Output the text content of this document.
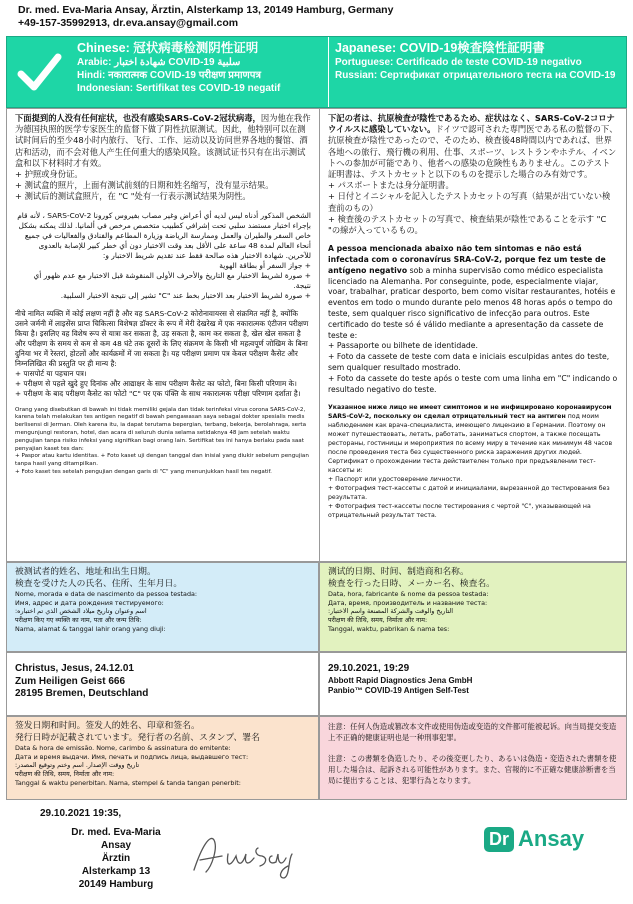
Dr. med. Eva-Maria Ansay, Ärztin, Alsterkamp 13, 20149 Hamburg, Germany
+49-157-35992913, dr.eva.ansay@gmail.com
Chinese: 冠状病毒检测阴性证明
Arabic: شهادة اختبار COVID-19 سلبية
Hindi: नकारात्मक COVID-19 परीक्षण प्रमाणपत्र
Indonesian: Sertifikat tes COVID-19 negatif
Japanese: COVID-19検査陰性証明書
Portuguese: Certificado de teste COVID-19 negativo
Russian: Сертификат отрицательного теста на COVID-19

下面提到的人没有任何症状，也没有感染SARS-CoV-2冠状病毒，因为他在我作为德国执照的医学专家医生的监督下做了阴性抗原测试。因此，他特别可以在测试时间后的至少48小时内旅行、飞行、工作、运动以及访问世界各地的餐馆、酒店和活动，而不会对他人产生任何重大的感染风险。该测试证书只有在出示测试盒和以下材料时才有效。

+ 护照或身份证。

+ 测试盒的照片，上面有测试前刻的日期和姓名缩写，没有显示结果。

+ 测试后的测试盒照片，在 "C "处有一行表示测试结果为阴性。

الشخص المذكور أدناه ليس لديه أي أعراض وغير مصاب بفيروس كورونا SARS-CoV-2 ، لأنه قام بإجراء اختبار مستضد سلبي تحت إشرافي كطبيب متخصص مرخص في ألمانيا. لذلك يمكنه بشكل خاص السفر والطيران والعمل وممارسة الرياضة وزيارة المطاعم والفنادق والفعاليات في جميع أنحاء العالم لمدة 48 ساعة على الأقل بعد وقت الاختبار دون أي خطر كبير للإصابة بالعدوى للآخرين. شهادة الاختبار هذه صالحة فقط عند تقديم شريط الاختبار و:

+ جواز السفر أو بطاقة الهوية

+ صورة لشريط الاختبار مع التاريخ والأحرف الأولى المنقوشة قبل الاختبار مع عدم ظهور أي نتيجة.

+ صورة لشريط الاختبار بعد الاختبار بخط عند "C" تشير إلى نتيجة الاختبار السلبية.

नीचे नामित व्यक्ति में कोई लक्षण नहीं है और वह SARS-CoV-2 कोरोनावायरस से संक्रमित नहीं है, क्योंकि उसने जर्मनी में लाइसेंस प्राप्त चिकित्सा विशेषज्ञ डॉक्टर के रूप में मेरी देखरेख में एक नकारात्मक एंटीजन परीक्षण किया है। इसलिए वह विशेष रूप से यात्रा कर सकता है, उड़ सकता है, काम कर सकता है, खेल खेल सकता है और परीक्षण के समय से कम से कम 48 घंटे तक दूसरों के लिए संक्रमण के किसी भी महत्वपूर्ण जोखिम के बिना दुनिया भर में रेस्तरां, होटलों और कार्यक्रमों में जा सकता है। यह परीक्षण प्रमाण पत्र केवल परीक्षण कैसेट और निम्नलिखित की प्रस्तुति पर ही मान्य है:

+ पासपोर्ट या पहचान पत्र।

+ परीक्षण से पहले खुदे हुए दिनांक और आद्याक्षर के साथ परीक्षण कैसेट का फोटो, बिना किसी परिणाम के।

+ परीक्षण के बाद परीक्षण कैसेट का फोटो "C" पर एक पंक्ति के साथ नकारात्मक परीक्षा परिणाम दर्शाता है।

Orang yang disebutkan di bawah ini tidak memiliki gejala dan tidak terinfeksi virus corona SARS-CoV-2, karena telah melakukan tes antigen negatif di bawah pengawasan saya sebagai dokter spesialis medis berlisensi di Jerman. Oleh karena itu, ia dapat terutama bepergian, terbang, bekerja, berolahraga, serta mengunjungi restoran, hotel, dan acara di seluruh dunia selama setidaknya 48 jam setelah waktu pengujian tanpa risiko infeksi yang signifikan bagi orang lain. Sertifikat tes ini hanya berlaku pada saat penyajian kaset tes dan:

+ Paspor atau kartu identitas. + Foto kaset uji dengan tanggal dan inisial yang diukir sebelum pengujian tanpa hasil yang ditampilkan.

+ Foto kaset tes setelah pengujian dengan garis di "C" yang menunjukkan hasil tes negatif.

下記の者は、抗原検査が陰性であるため、症状はなく、SARS-CoV-2コロナウイルスに感染していない。ドイツで認可された専門医である私の監督の下、抗原検査が陰性であったので、そのため、検査後48時間以内であれば、世界各地への旅行、飛行機の利用、仕事、スポーツ、レストランやホテル、イベントへの参加が可能であり、他者への感染の危険性もありません。このテスト証明書は、テストカセットと以下のものを提示した場合のみ有効です。

+ パスポートまたは身分証明書。

+ 日付とイニシャルを記入したテストカセットの写真（結果が出ていない検査前のもの）

+ 検査後のテストカセットの写真で、検査結果が陰性であることを示す "C "の線が入っているもの。

A pessoa mencionada abaixo não tem sintomas e não está infectada com o coronavírus SRA-CoV-2, porque fez um teste de antígeno negativo sob a minha supervisão como médico especialista licenciado na Alemanha. Por conseguinte, pode, especialmente viajar, voar, trabalhar, praticar desporto, bem como visitar restaurantes, hotéis e eventos em todo o mundo durante pelo menos 48 horas após o tempo do teste, sem qualquer risco significativo de infecção para outros. Este certificado do teste só é válido mediante a apresentação da cassete de teste e:

+ Passaporte ou bilhete de identidade.

+ Foto da cassete de teste com data e iniciais esculpidas antes do teste, sem qualquer resultado mostrado.

+ Foto da cassete do teste após o teste com uma linha em "C" indicando o resultado negativo do teste.

Указанное ниже лицо не имеет симптомов и не инфицировано коронавирусом SARS-CoV-2, поскольку он сделал отрицательный тест на антиген под моим наблюдением как врача-специалиста, имеющего лицензию в Германии. Поэтому он может путешествовать, летать, работать, заниматься спортом, а также посещать рестораны, гостиницы и мероприятия по всему миру в течение как минимум 48 часов после проведения теста без существенного риска заражения других людей. Сертификат о прохождении теста действителен только при предъявлении тест-кассеты и:

+ Паспорт или удостоверение личности.

+ Фотография тест-кассеты с датой и инициалами, вырезанной до тестирования без результата.

+ Фотография тест-кассеты после тестирования с чертой "C", указывающей на отрицательный результат теста.

被测试者的姓名、地址和出生日期。
検査を受けた人の氏名、住所、生年月日。
Nome, morada e data de nascimento da pessoa testada:
Имя, адрес и дата рождения тестируемого:
اسم وعنوان وتاريخ ميلاد الشخص الذي تم اختباره:
परीक्षण किए गए व्यक्ति का नाम, पता और जन्म तिथि:
Nama, alamat & tanggal lahir orang yang diuji:
测试的日期、时间、制造商和名称。
検査を行った日時、メーカー名、検査名。
Data, hora, fabricante & nome da pessoa testada:
Дата, время, производитель и название теста:
التاريخ والوقت والشركة المصنعة واسم الاختبار:
परीक्षण की तिथि, समय, निर्माता और नाम:
Tanggal, waktu, pabrikan & nama tes:
Christus, Jesus, 24.12.01
Zum Heiligen Geist 666
28195 Bremen, Deutschland
29.10.2021, 19:29
Abbott Rapid Diagnostics Jena GmbH
Panbio™ COVID-19 Antigen Self-Test
签发日期和时间。签发人的姓名、印章和签名。
発行日時が記載されています。発行者の名前、スタンプ、署名
Data & hora de emissão. Nome, carimbo & assinatura do emitente:
Дата и время выдачи. Имя, печать и подпись лица, выдавшего тест:
تاريخ ووقت الإصدار. اسم وختم وتوقيع المصدر:
परीक्षण की तिथि, समय, निर्माता और नाम:
Tanggal & waktu penerbitan. Nama, stempel & tanda tangan penerbit:

注意：任何人伪造或篡改本文件或使用伪造或变造的文件都可能被起诉。向当局提交变造上不正确的健康证明也是一种刑事犯罪。

注意：この書類を偽造したり、その後変更したり、あるいは偽造・変造された書類を使用した場合は、起訴される可能性があります。また、官報的に不正確な健康診断書を当局に提出することは、犯罪行為となります。

29.10.2021 19:35,
Dr. med. Eva-Maria Ansay
Ärztin
Alsterkamp 13
20149 Hamburg
Dr Ansay
